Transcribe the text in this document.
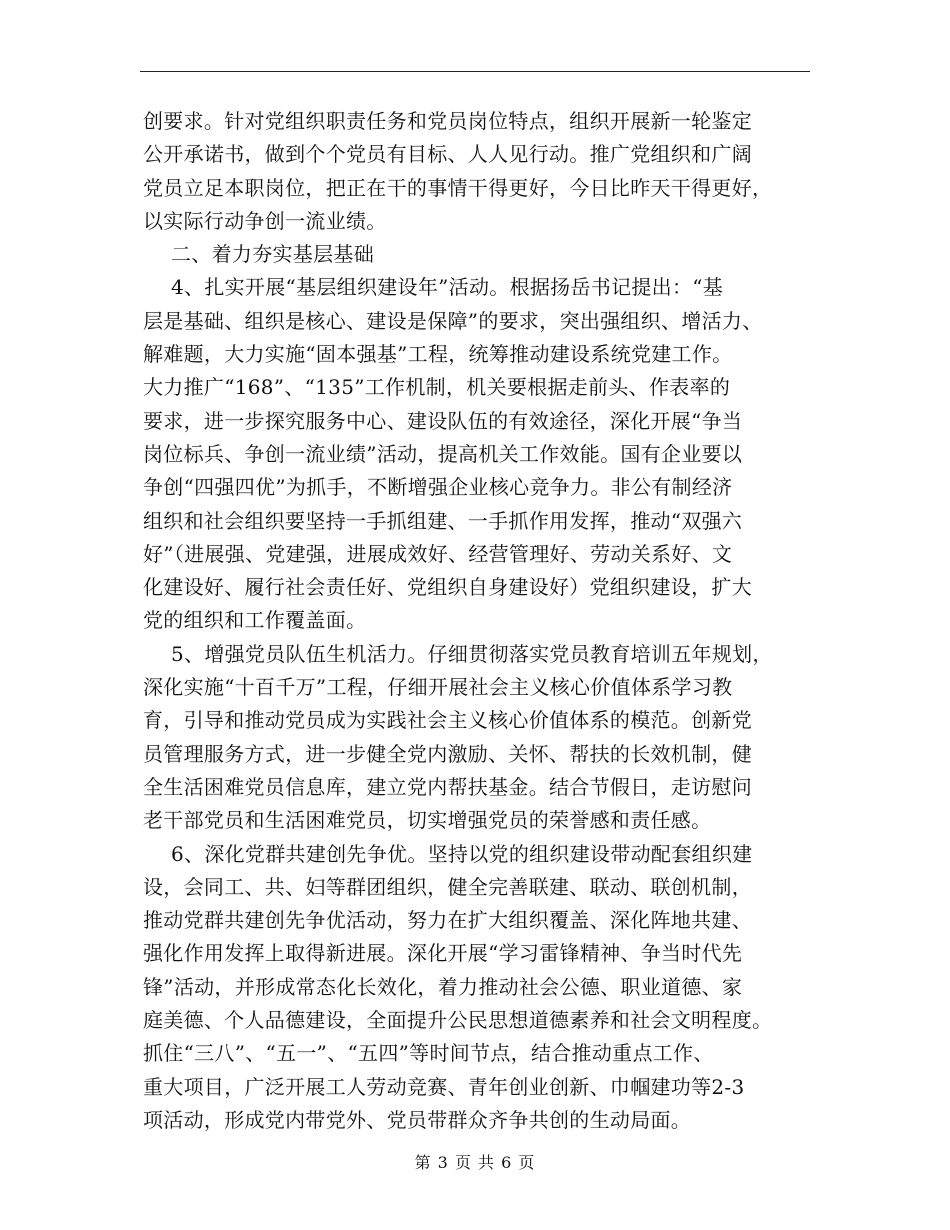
创要求。针对党组织职责任务和党员岗位特点，组织开展新一轮鉴定
公开承诺书，做到个个党员有目标、人人见行动。推广党组织和广阔
党员立足本职岗位，把正在干的事情干得更好，今日比昨天干得更好，
以实际行动争创一流业绩。
二、着力夯实基层基础
4、扎实开展“基层组织建设年”活动。根据扬岳书记提出：“基
层是基础、组织是核心、建设是保障”的要求，突出强组织、增活力、
解难题，大力实施“固本强基”工程，统筹推动建设系统党建工作。
大力推广“168”、“135”工作机制，机关要根据走前头、作表率的
要求，进一步探究服务中心、建设队伍的有效途径，深化开展“争当
岗位标兵、争创一流业绩”活动，提高机关工作效能。国有企业要以
争创“四强四优”为抓手，不断增强企业核心竞争力。非公有制经济
组织和社会组织要坚持一手抓组建、一手抓作用发挥，推动“双强六
好”（进展强、党建强，进展成效好、经营管理好、劳动关系好、文
化建设好、履行社会责任好、党组织自身建设好）党组织建设，扩大
党的组织和工作覆盖面。
5、增强党员队伍生机活力。仔细贯彻落实党员教育培训五年规划，
深化实施“十百千万”工程，仔细开展社会主义核心价值体系学习教
育，引导和推动党员成为实践社会主义核心价值体系的模范。创新党
员管理服务方式，进一步健全党内激励、关怀、帮扶的长效机制，健
全生活困难党员信息库，建立党内帮扶基金。结合节假日，走访慰问
老干部党员和生活困难党员，切实增强党员的荣誉感和责任感。
6、深化党群共建创先争优。坚持以党的组织建设带动配套组织建
设，会同工、共、妇等群团组织，健全完善联建、联动、联创机制，
推动党群共建创先争优活动，努力在扩大组织覆盖、深化阵地共建、
强化作用发挥上取得新进展。深化开展“学习雷锋精神、争当时代先
锋”活动，并形成常态化长效化，着力推动社会公德、职业道德、家
庭美德、个人品德建设，全面提升公民思想道德素养和社会文明程度。
抓住“三八”、“五一”、“五四”等时间节点，结合推动重点工作、
重大项目，广泛开展工人劳动竞赛、青年创业创新、巾帼建功等2-3
项活动，形成党内带党外、党员带群众齐争共创的生动局面。
第 3 页 共 6 页
